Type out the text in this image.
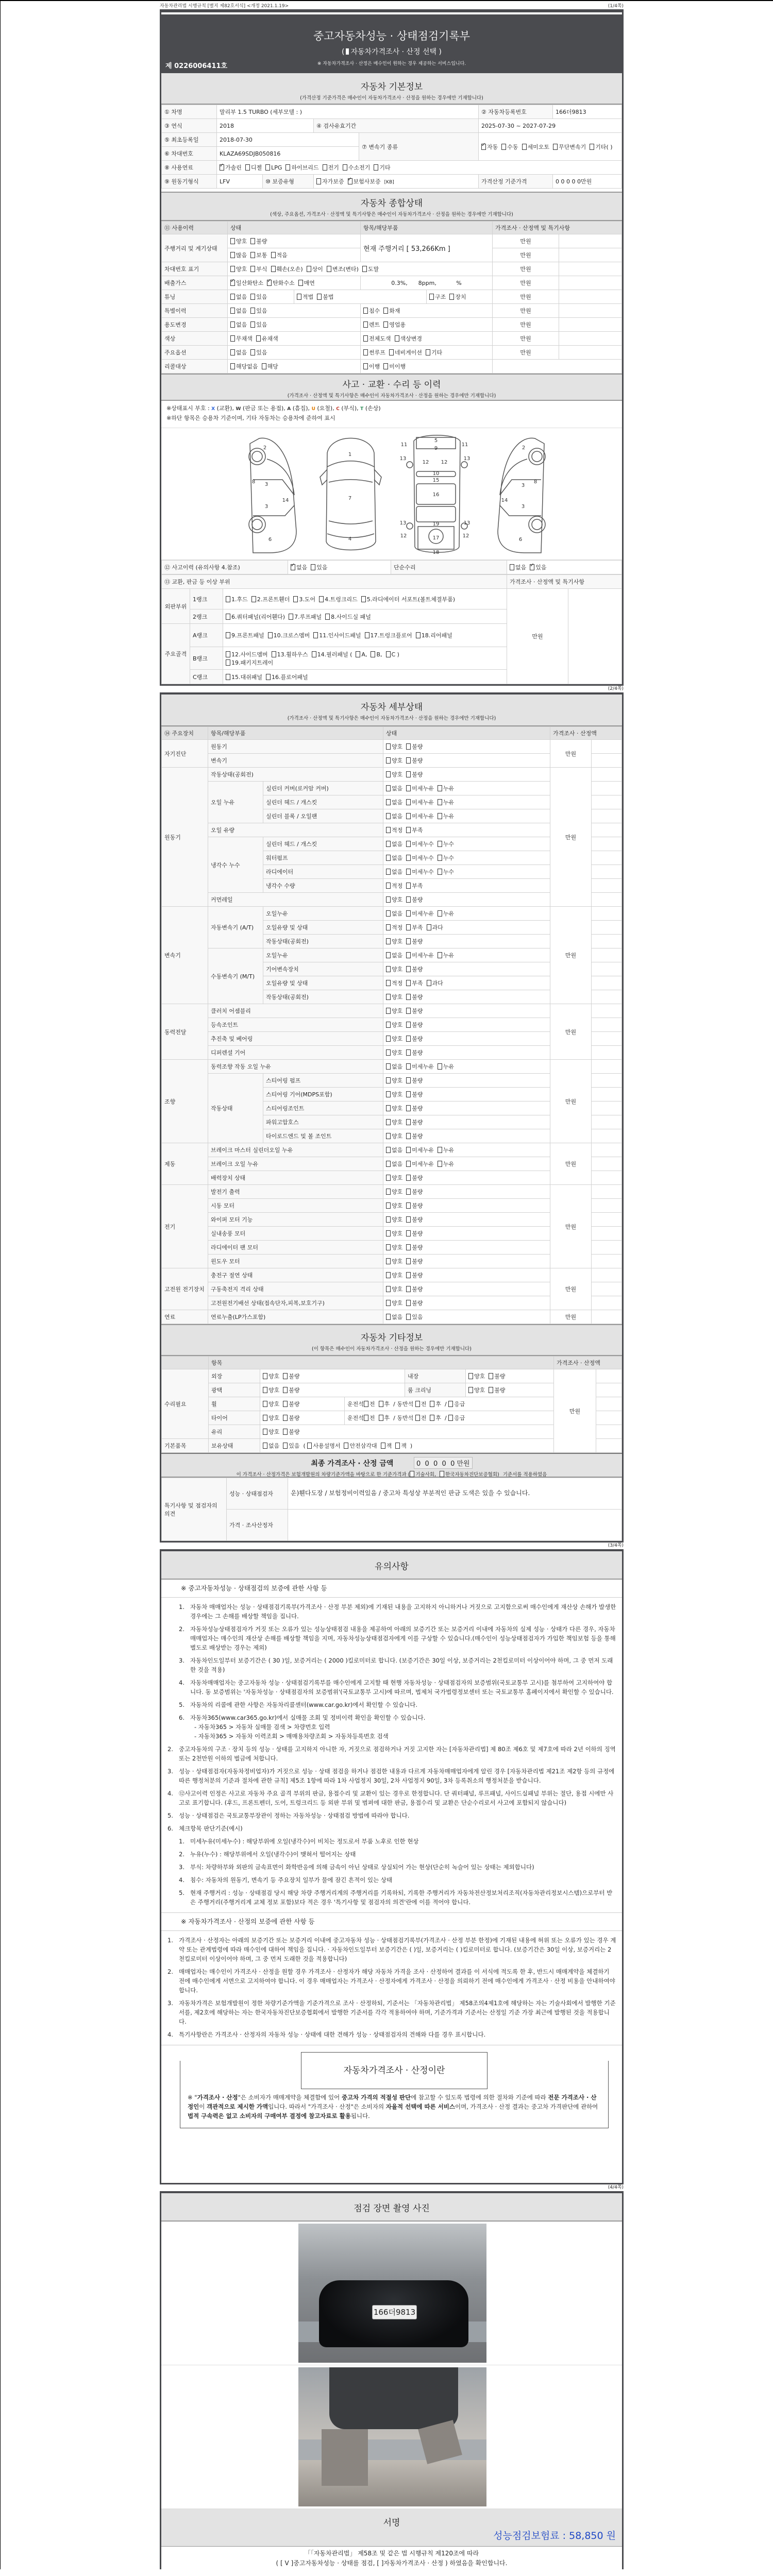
자동차관리법 시행규칙 [별지 제82호서식] <개정 2021.1.19>	(1/4쪽)
중고자동차성능 · 상태점검기록부
( 자동차가격조사 · 산정 선택 )
※ 자동차가격조사 · 산정은 매수인이 원하는 경우 제공하는 서비스입니다.
제 0226006411호
자동차 기본정보

(가격산정 기준가격은 매수인이 자동차가격조사 · 산정을 원하는 경우에만 기재합니다)

① 차명	말리부 1.5 TURBO (세부모델 : )				② 자동차등록번호	166더9813
③ 연식	2018		④ 검사유효기간		2025-07-30 ~ 2027-07-29	
⑤ 최초등록일	2018-07-30			⑦ 변속기 종류	✓자동 수동 세미오토 무단변속기 기타( )
⑥ 차대번호	KLAZA69SDJB050816					
⑧ 사용연료	✓가솔린 디젤 LPG 하이브리드 전기 수소전기 기타
⑨ 원동기형식	LFV	⑩ 보증유형	자가보증 ✓ 보험사보증 [KB]		가격산정 기준가격	0 0 0 0 0만원
자동차 종합상태

(색상, 주요옵션, 가격조사 · 산정액 및 특기사항은 매수인이 자동차가격조사 · 산정을 원하는 경우에만 기재합니다)

⑪ 사용이력	상태		항목/해당부품		가격조사 · 산정액 및 특기사항	
주행거리 및 계기상태	양호 불량		현재 주행거리 [ 53,266Km ]		만원	
	많음 보통 적음				만원	
차대번호 표기	양호 부식 훼손(오손) 상이 변조(변타) 도말				만원	
배출가스	✓일산화탄소 ✓ 탄화수소 매연		0.3%,      8ppm,           %		만원	
튜닝	없음 있음	적법 불법		구조 장치	만원	
특별이력	없음 있음		침수 화재		만원	
용도변경	없음 있음		렌트 영업용		만원	
색상	무채색 유채색		전체도색 색상변경		만원	
주요옵션	없음 있음		썬루프 네비게이션 기타		만원	
리콜대상	해당없음 해당		이행 미이행			
사고 · 교환 · 수리 등 이력

(가격조사 · 산정액 및 특기사항은 매수인이 자동차가격조사 · 산정을 원하는 경우에만 기재합니다)

※상태표시 부호 : X (교환), W (판금 또는 용접), A (흠집), U (요철), C (부식), T (손상)
※하단 항목은 승용차 기준이며, 기타 자동차는 승용차에 준하여 표시
2
8 3
3
14
6
1
7
4
5
9
11	11
13	13
12 12
10
15
16
19
13	13
17
12	12
18
2
3
8
14
3
6
⑫ 사고이력 (유의사항 4.참조)	✓없음 있음	단순수리	없음 ✓ 있음
⑬ 교환, 판금 등 이상 부위			가격조사 · 산정액 및 특기사항	
외판부위	1랭크	1.후드 2.프론트휀더 3.도어 4.트렁크리드 5.라디에이터 서포트(볼트체결부품)	만원	
	2랭크	6.쿼터패널(리어휀다) 7.루프패널 8.사이드실 패널		
주요골격	A랭크	9.프론트패널 10.크로스멤버 11.인사이드패널 17.트렁크플로어 18.리어패널		
	B랭크	12.사이드멤버 13.휠하우스 14.필러패널 ( A, B, C )
19.패키지트레이		
	C랭크	15.대쉬패널 16.플로어패널		
(2/4쪽)
자동차 세부상태

(가격조사 · 산정액 및 특기사항은 매수인이 자동차가격조사 · 산정을 원하는 경우에만 기재합니다)

⑭ 주요장치	항목/해당부품		상태	가격조사 · 산정액	
자기진단	원동기		양호 불량	만원	
	변속기		양호 불량		
원동기	작동상태(공회전)		양호 불량	만원	
	오일 누유	실린더 커버(로커암 커버)	없음 미세누유 누유		
		실린더 헤드 / 개스킷	없음 미세누유 누유		
		실린더 블록 / 오일팬	없음 미세누유 누유		
	오일 유량		적정 부족		
	냉각수 누수	실린더 헤드 / 개스킷	없음 미세누수 누수		
		워터펌프	없음 미세누수 누수		
		라디에이터	없음 미세누수 누수		
		냉각수 수량	적정 부족		
	커먼레일		양호 불량		
변속기	자동변속기 (A/T)	오일누유	없음 미세누유 누유	만원	
		오일유량 및 상태	적정 부족 과다		
		작동상태(공회전)	양호 불량		
	수동변속기 (M/T)	오일누유	없음 미세누유 누유		
		기어변속장치	양호 불량		
		오일유량 및 상태	적정 부족 과다		
		작동상태(공회전)	양호 불량		
동력전달	클러치 어셈블리		양호 불량	만원	
	등속조인트		양호 불량		
	추진축 및 베어링		양호 불량		
	디퍼렌셜 기어		양호 불량		
조향	동력조향 작동 오일 누유		없음 미세누유 누유	만원	
	작동상태	스티어링 펌프	양호 불량		
		스티어링 기어(MDPS포함)	양호 불량		
		스티어링조인트	양호 불량		
		파워고압호스	양호 불량		
		타이로드엔드 및 볼 조인트	양호 불량		
제동	브레이크 마스터 실린더오일 누유		없음 미세누유 누유	만원	
	브레이크 오일 누유		없음 미세누유 누유		
	배력장치 상태		양호 불량		
전기	발전기 출력		양호 불량	만원	
	시동 모터		양호 불량		
	와이퍼 모터 기능		양호 불량		
	실내송풍 모터		양호 불량		
	라디에이터 팬 모터		양호 불량		
	윈도우 모터		양호 불량		
고전원 전기장치	충전구 절연 상태		양호 불량	만원	
	구동축전지 격리 상태		양호 불량		
	고전원전기배선 상태(접속단자,피복,보호기구)		양호 불량		
연료	연료누출(LP가스포함)		없음 있음	만원	
자동차 기타정보

(이 항목은 매수인이 자동차가격조사 · 산정을 원하는 경우에만 기재합니다)

	항목					가격조사 · 산정액	
수리필요	외장	양호 불량		내장	양호 불량	만원	
	광택	양호 불량		룸 크리닝	양호 불량		
	휠	양호 불량	운전석 전 후 / 동반석 전 후 / 응급				
	타이어	양호 불량	운전석 전 후 / 동반석 전 후 / 응급				
	유리	양호 불량					
기본품목	보유상태	없음 있음 ( 사용설명서 안전삼각대 잭 잭 )					
최종 가격조사 · 산정 금액	0  0  0  0  0 만원
이 가격조사 · 산정가격은 보험개발원의 차량기준가액을 바탕으로 한 기준가격과 ( 기술사회, 한국자동차진단보증협회) 기준서를 적용하였음
특기사항 및 점검자의 의견	성능 · 상태점검자	운)휀다도장 / 보험정비이력있음 / 중고차 특성상 부분적인 판금 도색은 있을 수 있습니다.
	가격 · 조사산정자	
(3/4쪽)
유의사항
※ 중고자동차성능 · 상태점검의 보증에 관한 사항 등
1. 자동차 매매업자는 성능 · 상태점검기록부(가격조사 · 산정 부분 제외)에 기재된 내용을 고지하지 아니하거나 거짓으로 고지함으로써 매수인에게 재산상 손해가 발생한 경우에는 그 손해를 배상할 책임을 집니다.
2. 자동차성능상태점검자가 거짓 또는 오류가 있는 성능상태점검 내용을 제공하여 아래의 보증기간 또는 보증거리 이내에 자동차의 실제 성능 · 상태가 다른 경우, 자동차매매업자는 매수인의 재산상 손해를 배상할 책임을 지며, 자동차성능상태점검자에게 이를 구상할 수 있습니다.(매수인이 성능상태점검자가 가입한 책임보험 등을 통해 별도로 배상받는 경우는 제외)
3. 자동차인도일부터 보증기간은 ( 30 )일, 보증거리는 ( 2000 )킬로미터로 합니다. (보증기간은 30일 이상, 보증거리는 2천킬로미터 이상이어야 하며, 그 중 먼저 도래한 것을 적용)
4. 자동차매매업자는 중고자동차 성능 · 상태점검기록부를 매수인에게 고지할 때 현행 자동차성능 · 상태점검자의 보증범위(국토교통부 고시)를 첨부하여 고지하여야 합니다. 동 보증범위는 '자동차성능 · 상태점검자의 보증범위'(국토교통부 고시)에 따르며, 법제처 국가법령정보센터 또는 국토교통부 홈페이지에서 확인할 수 있습니다.
5. 자동차의 리콜에 관한 사항은 자동차리콜센터(www.car.go.kr)에서 확인할 수 있습니다.
6. 자동차365(www.car365.go.kr)에서 실매물 조회 및 정비이력 확인을 확인할 수 있습니다.
- 자동차365 > 자동차 실매물 검색 > 차량번호 입력
- 자동차365 > 자동차 이력조회 > 매매용차량조회 > 자동차등록번호 검색
2. 중고자동차의 구조 · 장치 등의 성능 · 상태를 고지하지 아니한 자, 거짓으로 점검하거나 거짓 고지한 자는 [자동차관리법] 제 80조 제6호 및 제7호에 따라 2년 이하의 징역 또는 2천만원 이하의 벌금에 처합니다.
3. 성능 · 상태점검자(자동차정비업자)가 거짓으로 성능 · 상태 점검을 하거나 점검한 내용과 다르게 자동차매매업자에게 알린 경우 [자동차관리법 제21조 제2항 등의 규정에 따른 행정처분의 기준과 절차에 관한 규칙] 제5조 1항에 따라 1차 사업정지 30일, 2차 사업정지 90일, 3차 등록취소의 행정처분을 받습니다.
4. ⑫사고이력 인정은 사고로 자동차 주요 골격 부위의 판금, 용접수리 및 교환이 있는 경우로 한정합니다. 단 쿼터패널, 루프패널, 사이드실패널 부위는 절단, 용접 시에만 사고로 표기합니다. (후드, 프론트펜더, 도어, 트렁크리드 등 외판 부위 및 범퍼에 대한 판금, 용접수리 및 교환은 단순수리로서 사고에 포함되지 않습니다)
5. 성능 · 상태점검은 국토교통부장관이 정하는 자동차성능 · 상태점검 방법에 따라야 합니다.
6. 체크항목 판단기준(예시)
1. 미세누유(미세누수) : 해당부위에 오일(냉각수)이 비치는 정도로서 부품 노후로 인한 현상
2. 누유(누수) : 해당부위에서 오일(냉각수)이 맺혀서 떨어지는 상태
3. 부식: 차량하부와 외판의 금속표면이 화학반응에 의해 금속이 아닌 상태로 상실되어 가는 현상(단순히 녹슬어 있는 상태는 제외합니다)
4. 침수: 자동차의 원동기, 변속기 등 주요장치 일부가 물에 잠긴 흔적이 있는 상태
5. 현재 주행거리 : 성능 · 상태점검 당시 해당 차량 주행거리계의 주행거리를 기록하되, 기록한 주행거리가 자동차전산정보처리조직(자동차관리정보시스템)으로부터 받은 주행거리(주행거리계 교체 정보 포함)보다 적은 경우 '특기사항 및 점검자의 의견'란에 이를 적어야 합니다.
※ 자동차가격조사 · 산정의 보증에 관한 사항 등
1. 가격조사 · 산정자는 아래의 보증기간 또는 보증거리 이내에 중고자동차 성능 · 상태점검기록부(가격조사 · 산정 부분 한정)에 기재된 내용에 허위 또는 오류가 있는 경우 계약 또는 관계법령에 따라 매수인에 대하여 책임을 집니다. · 자동차인도일부터 보증기간은 ( )일, 보증거리는 ( )킬로미터로 합니다. (보증기간은 30일 이상, 보증거리는 2천킬로미터 이상이어야 하며, 그 중 먼저 도래한 것을 적용합니다)
2. 매매업자는 매수인이 가격조사 · 산정을 원할 경우 가격조사 · 산정자가 해당 자동차 가격을 조사 · 산정하여 결과를 이 서식에 적도록 한 후, 반드시 매매계약을 체결하기 전에 매수인에게 서면으로 고지하여야 합니다. 이 경우 매매업자는 가격조사 · 산정자에게 가격조사 · 산정을 의뢰하기 전에 매수인에게 가격조사 · 산정 비용을 안내하여야 합니다.
3. 자동차가격은 보험개발원이 정한 차량기준가액을 기준가격으로 조사 · 산정하되, 기준서는 「자동차관리법」 제58조의4제1호에 해당하는 자는 기술사회에서 발행한 기준서를, 제2호에 해당하는 자는 한국자동차진단보증협회에서 발행한 기준서를 각각 적용하여야 하며, 기준가격과 기준서는 산정일 기준 가장 최근에 발행된 것을 적용합니다.
4. 특기사항란은 가격조사 · 산정자의 자동차 성능 · 상태에 대한 견해가 성능 · 상태점검자의 견해와 다를 경우 표시합니다.
자동차가격조사 · 산정이란
※ "가격조사 · 산정"은 소비자가 매매계약을 체결함에 있어 중고차 가격의 적절성 판단에 참고할 수 있도록 법령에 의한 절차와 기준에 따라 전문 가격조사 · 산정인이 객관적으로 제시한 가액입니다. 따라서 "가격조사 · 산정"은 소비자의 자율적 선택에 따른 서비스이며, 가격조사 · 산정 결과는 중고차 가격판단에 관하여 법적 구속력은 없고 소비자의 구매여부 결정에 참고자료로 활용됩니다.
(4/4쪽)
점검 장면 촬영 사진
166더9813
서명
성능점검보험료 : 58,850 원
「「자동차관리법」 제58조 및 같은 법 시행규칙 제120조에 따라
( [ V ]중고자동차성능 · 상태를 점검, [ ]자동차가격조사 · 산정 ) 하였음을 확인합니다.
